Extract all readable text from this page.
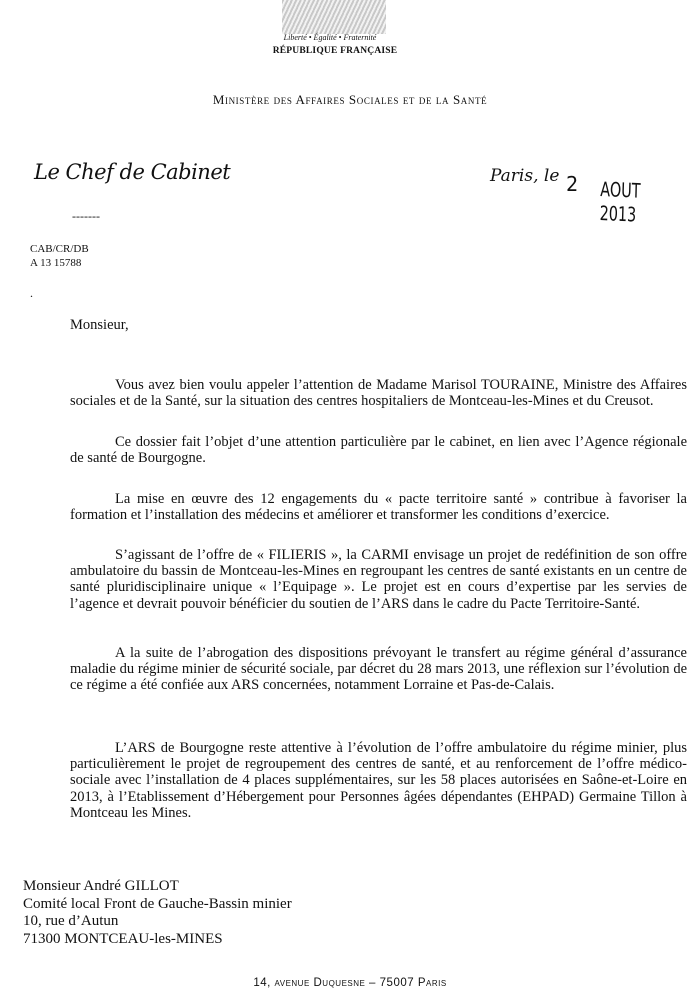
Liberté • Égalité • Fraternité
RÉPUBLIQUE FRANÇAISE
Ministère des Affaires Sociales et de la Santé
Le Chef de Cabinet	Paris, le 2 AOUT 2013
-------
CAB/CR/DB
A 13 15788
.
Monsieur,

Vous avez bien voulu appeler l’attention de Madame Marisol TOURAINE, Ministre des Affaires sociales et de la Santé, sur la situation des centres hospitaliers de Montceau-les-Mines et du Creusot.

Ce dossier fait l’objet d’une attention particulière par le cabinet, en lien avec l’Agence régionale de santé de Bourgogne.

La mise en œuvre des 12 engagements du « pacte territoire santé » contribue à favoriser la formation et l’installation des médecins et améliorer et transformer les conditions d’exercice.

S’agissant de l’offre de « FILIERIS », la CARMI envisage un projet de redéfinition de son offre ambulatoire du bassin de Montceau-les-Mines en regroupant les centres de santé existants en un centre de santé pluridisciplinaire unique « l’Equipage ». Le projet est en cours d’expertise par les servies de l’agence et devrait pouvoir bénéficier du soutien de l’ARS dans le cadre du Pacte Territoire-Santé.

A la suite de l’abrogation des dispositions prévoyant le transfert au régime général d’assurance maladie du régime minier de sécurité sociale, par décret du 28 mars 2013, une réflexion sur l’évolution de ce régime a été confiée aux ARS concernées, notamment Lorraine et Pas-de-Calais.

L’ARS de Bourgogne reste attentive à l’évolution de l’offre ambulatoire du régime minier, plus particulièrement le projet de regroupement des centres de santé, et au renforcement de l’offre médico-sociale avec l’installation de 4 places supplémentaires, sur les 58 places autorisées en Saône-et-Loire en 2013, à l’Etablissement d’Hébergement pour Personnes âgées dépendantes (EHPAD) Germaine Tillon à Montceau les Mines.

Monsieur André GILLOT
Comité local Front de Gauche-Bassin minier
10, rue d’Autun
71300 MONTCEAU-les-MINES
14, avenue Duquesne – 75007 Paris
